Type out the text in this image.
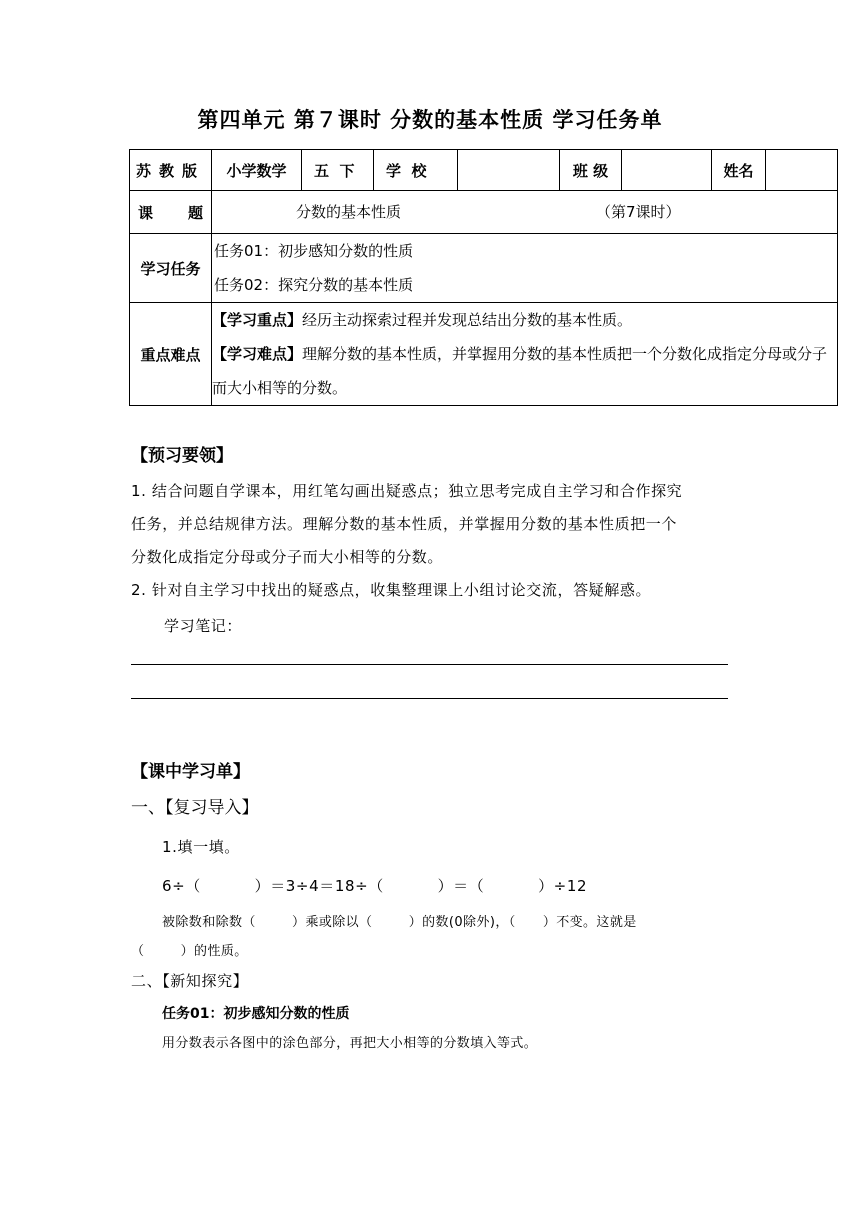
第四单元 第７课时 分数的基本性质 学习任务单
苏教版	小学数学	五  下	学  校		班 级		姓名	
课题	分数的基本性质 （第7课时）							

学习任务	任务01：初步感知分数的性质
任务02：探究分数的基本性质							

重点难点	【学习重点】经历主动探索过程并发现总结出分数的基本性质。
【学习难点】理解分数的基本性质，并掌握用分数的基本性质把一个分数化成指定分母或分子而大小相等的分数。							
【预习要领】
1. 结合问题自学课本，用红笔勾画出疑惑点；独立思考完成自主学习和合作探究
任务，并总结规律方法。理解分数的基本性质，并掌握用分数的基本性质把一个
分数化成指定分母或分子而大小相等的分数。
2. 针对自主学习中找出的疑惑点，收集整理课上小组讨论交流，答疑解惑。
学习笔记：
【课中学习单】
一、【复习导入】
1.填一填。
6÷（          ）＝3÷4＝18÷（          ）＝（          ）÷12
被除数和除数（        ）乘或除以（        ）的数(0除外)，（      ）不变。这就是
（        ）的性质。
二、【新知探究】
任务01：初步感知分数的性质
用分数表示各图中的涂色部分，再把大小相等的分数填入等式。
